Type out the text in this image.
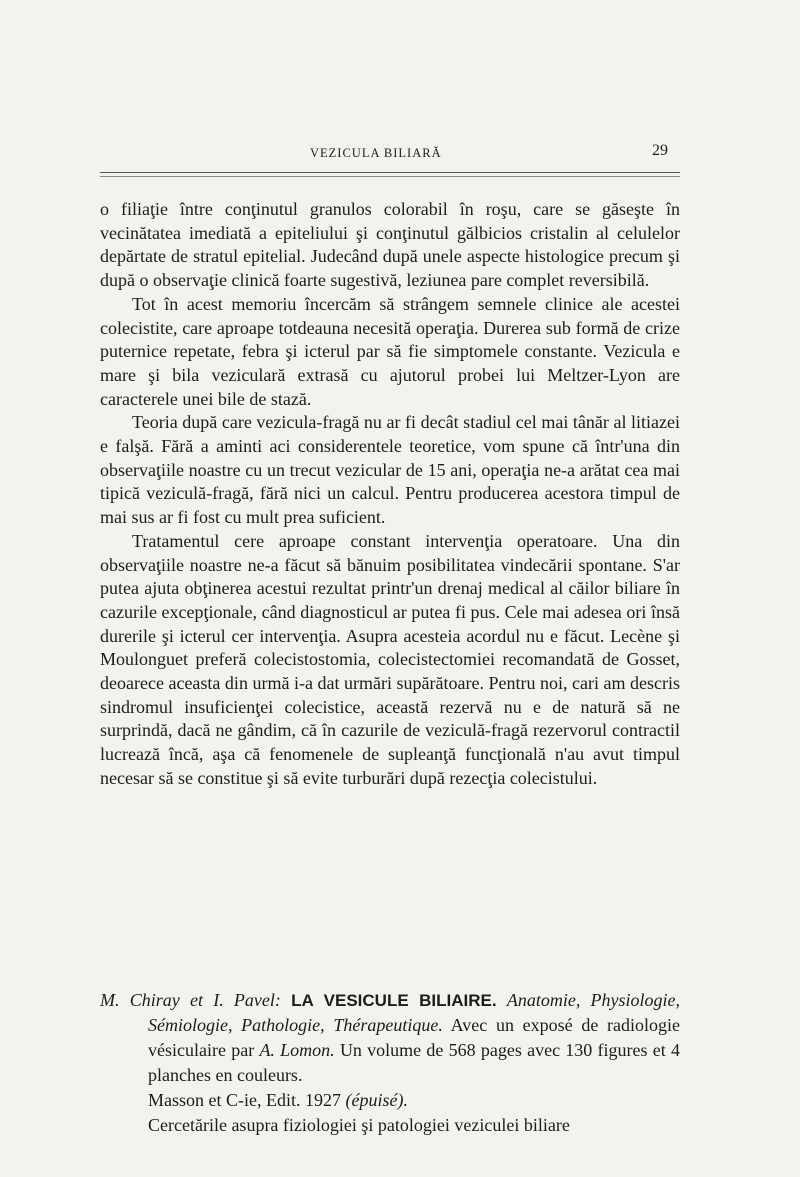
VEZICULA BILIARĂ	29

o filiaţie între conţinutul granulos colorabil în roşu, care se găseşte în vecinătatea imediată a epiteliului şi conţinutul gălbicios cristalin al celulelor depărtate de stratul epitelial. Judecând după unele aspecte histologice precum şi după o observaţie clinică foarte sugestivă, leziunea pare complet reversibilă.

Tot în acest memoriu încercăm să strângem semnele clinice ale acestei colecistite, care aproape totdeauna necesită operaţia. Durerea sub formă de crize puternice repetate, febra şi icterul par să fie simptomele constante. Vezicula e mare şi bila veziculară extrasă cu ajutorul probei lui Meltzer-Lyon are caracterele unei bile de stază.

Teoria după care vezicula-fragă nu ar fi decât stadiul cel mai tânăr al litiazei e falşă. Fără a aminti aci considerentele teoretice, vom spune că într'una din observaţiile noastre cu un trecut vezicular de 15 ani, operaţia ne-a arătat cea mai tipică veziculă-fragă, fără nici un calcul. Pentru producerea acestora timpul de mai sus ar fi fost cu mult prea suficient.

Tratamentul cere aproape constant intervenţia operatoare. Una din observaţiile noastre ne-a făcut să bănuim posibilitatea vindecării spontane. S'ar putea ajuta obţinerea acestui rezultat printr'un drenaj medical al căilor biliare în cazurile excepţionale, când diagnosticul ar putea fi pus. Cele mai adesea ori însă durerile şi icterul cer intervenţia. Asupra acesteia acordul nu e făcut. Lecène şi Moulonguet preferă colecistostomia, colecistectomiei recomandată de Gosset, deoarece aceasta din urmă i-a dat urmări supărătoare. Pentru noi, cari am descris sindromul insuficienţei colecistice, această rezervă nu e de natură să ne surprindă, dacă ne gândim, că în cazurile de veziculă-fragă rezervorul contractil lucrează încă, aşa că fenomenele de supleanţă funcţională n'au avut timpul necesar să se constitue şi să evite turburări după rezecţia colecistului.

M. Chiray et I. Pavel: LA VESICULE BILIAIRE. Anatomie, Physiologie, Sémiologie, Pathologie, Thérapeutique. Avec un exposé de radiologie vésiculaire par A. Lomon. Un volume de 568 pages avec 130 figures et 4 planches en couleurs.

Masson et C-ie, Edit. 1927 (épuisé).

Cercetările asupra fiziologiei şi patologiei veziculei biliare
